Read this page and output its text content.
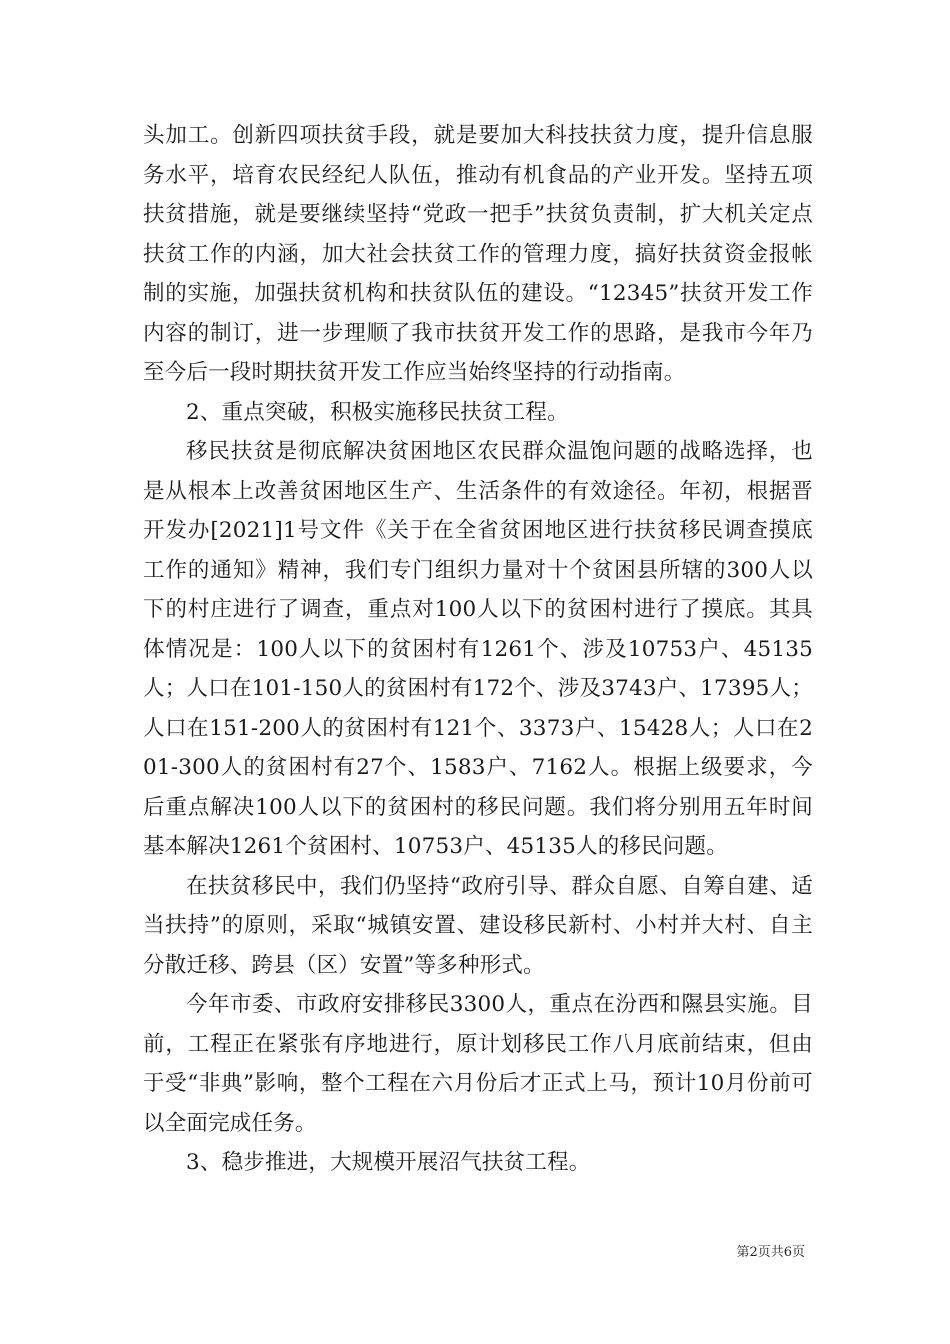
头加工。创新四项扶贫手段，就是要加大科技扶贫力度，提升信息服务水平，培育农民经纪人队伍，推动有机食品的产业开发。坚持五项扶贫措施，就是要继续坚持“党政一把手”扶贫负责制，扩大机关定点扶贫工作的内涵，加大社会扶贫工作的管理力度，搞好扶贫资金报帐制的实施，加强扶贫机构和扶贫队伍的建设。“12345”扶贫开发工作内容的制订，进一步理顺了我市扶贫开发工作的思路，是我市今年乃至今后一段时期扶贫开发工作应当始终坚持的行动指南。

2、重点突破，积极实施移民扶贫工程。

移民扶贫是彻底解决贫困地区农民群众温饱问题的战略选择，也是从根本上改善贫困地区生产、生活条件的有效途径。年初，根据晋开发办[2021]1号文件《关于在全省贫困地区进行扶贫移民调查摸底工作的通知》精神，我们专门组织力量对十个贫困县所辖的300人以下的村庄进行了调查，重点对100人以下的贫困村进行了摸底。其具体情况是：100人以下的贫困村有1261个、涉及10753户、45135人；人口在101-150人的贫困村有172个、涉及3743户、17395人；人口在151-200人的贫困村有121个、3373户、15428人；人口在201-300人的贫困村有27个、1583户、7162人。根据上级要求，今后重点解决100人以下的贫困村的移民问题。我们将分别用五年时间基本解决1261个贫困村、10753户、45135人的移民问题。

在扶贫移民中，我们仍坚持“政府引导、群众自愿、自筹自建、适当扶持”的原则，采取“城镇安置、建设移民新村、小村并大村、自主分散迁移、跨县（区）安置”等多种形式。

今年市委、市政府安排移民3300人，重点在汾西和隰县实施。目前，工程正在紧张有序地进行，原计划移民工作八月底前结束，但由于受“非典”影响，整个工程在六月份后才正式上马，预计10月份前可以全面完成任务。

3、稳步推进，大规模开展沼气扶贫工程。

第2页共6页
